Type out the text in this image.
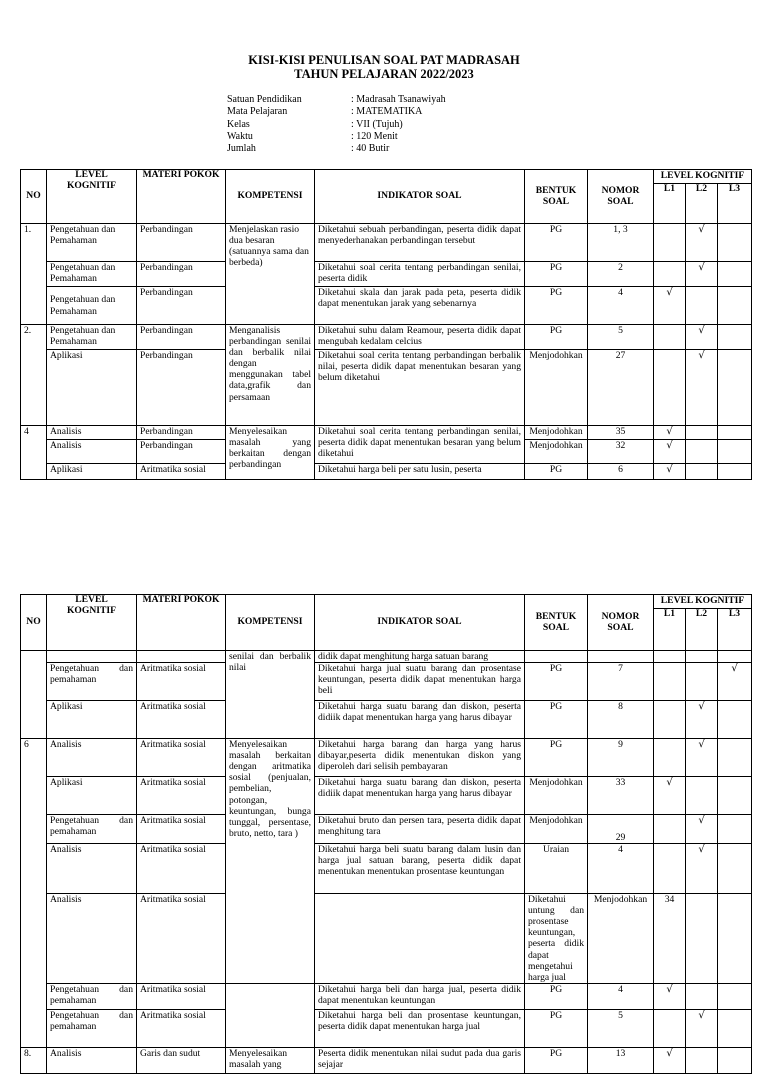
KISI-KISI PENULISAN SOAL PAT MADRASAH
TAHUN PELAJARAN 2022/2023
Satuan Pendidikan	: Madrasah Tsanawiyah
Mata Pelajaran	: MATEMATIKA
Kelas	: VII (Tujuh)
Waktu	: 120 Menit
Jumlah	: 40 Butir
NO	LEVEL KOGNITIF	MATERI POKOK	KOMPETENSI	INDIKATOR SOAL	BENTUK SOAL	NOMOR SOAL	LEVEL KOGNITIF		
							L1	L2	L3
1.	Pengetahuan dan Pemahaman	Perbandingan	Menjelaskan rasio dua besaran (satuannya sama dan berbeda)	Diketahui sebuah perbandingan, peserta didik dapat menyederhanakan perbandingan tersebut	PG	1, 3		√	
	Pengetahuan dan Pemahaman	Perbandingan		Diketahui soal cerita tentang perbandingan senilai, peserta didik	PG	2		√	
	Pengetahuan dan Pemahaman	Perbandingan		Diketahui skala dan jarak pada peta, peserta didik dapat menentukan jarak yang sebenarnya	PG	4	√		
2.	Pengetahuan dan Pemahaman	Perbandingan	Menganalisis perbandingan senilai dan berbalik nilai dengan menggunakan tabel data,grafik dan persamaan	Diketahui suhu dalam Reamour, peserta didik dapat mengubah kedalam celcius	PG	5		√	
	Aplikasi	Perbandingan		Diketahui soal cerita tentang perbandingan berbalik nilai, peserta didik dapat menentukan besaran yang belum diketahui	Menjodohkan	27		√	
4	Analisis	Perbandingan	Menyelesaikan masalah yang berkaitan dengan perbandingan	Diketahui soal cerita tentang perbandingan senilai, peserta didik dapat menentukan besaran yang belum diketahui	Menjodohkan	35	√		
	Analisis	Perbandingan			Menjodohkan	32	√		
	Aplikasi	Aritmatika sosial		Diketahui harga beli per satu lusin, peserta	PG	6	√		
NO	LEVEL KOGNITIF	MATERI POKOK	KOMPETENSI	INDIKATOR SOAL	BENTUK SOAL	NOMOR SOAL	LEVEL KOGNITIF			
							L1	L2	L3	
			senilai dan berbalik nilai	didik dapat menghitung harga satuan barang						
	Pengetahuan dan pemahaman	Aritmatika sosial		Diketahui harga jual suatu barang dan prosentase keuntungan, peserta didik dapat menentukan harga beli	PG	7			√	
	Aplikasi	Aritmatika sosial		Diketahui harga suatu barang dan diskon, peserta didiik dapat menentukan harga yang harus dibayar	PG	8		√		
6	Analisis	Aritmatika sosial	Menyelesaikan masalah berkaitan dengan aritmatika sosial (penjualan, pembelian, potongan, keuntungan, bunga tunggal, persentase, bruto, netto, tara )	Diketahui harga barang dan harga yang harus dibayar,peserta didik menentukan diskon yang diperoleh dari selisih pembayaran	PG	9		√		
	Aplikasi	Aritmatika sosial		Diketahui harga suatu barang dan diskon, peserta didiik dapat menentukan harga yang harus dibayar	Menjodohkan	33	√			
	Pengetahuan dan pemahaman	Aritmatika sosial		Diketahui bruto dan persen tara, peserta didik dapat menghitung tara	Menjodohkan	29		√		
	Analisis	Aritmatika sosial		Diketahui harga beli suatu barang dalam lusin dan harga jual satuan barang, peserta didik dapat menentukan menentukan prosentase keuntungan	Uraian	4		√		
	Analisis	Aritmatika sosial			Diketahui untung dan prosentase keuntungan, peserta didik dapat mengetahui harga jual	Menjodohkan	34			
	Pengetahuan dan pemahaman	Aritmatika sosial		Diketahui harga beli dan harga jual, peserta didik dapat menentukan keuntungan	PG	4	√			
	Pengetahuan dan pemahaman	Aritmatika sosial		Diketahui harga beli dan prosentase keuntungan, peserta didik dapat menentukan harga jual	PG	5		√		
8.	Analisis	Garis dan sudut	Menyelesaikan masalah yang	Peserta didik menentukan nilai sudut pada dua garis sejajar	PG	13	√			
